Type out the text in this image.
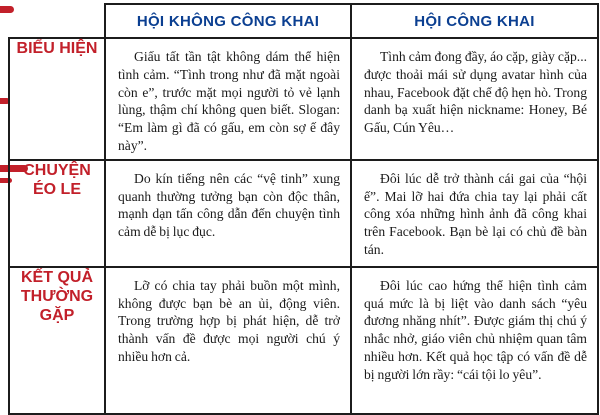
	HỘI KHÔNG CÔNG KHAI	HỘI CÔNG KHAI
BIỂU HIỆN	Giấu tất tần tật không dám thể hiện tình cảm. “Tình trong như đã mặt ngoài còn e”, trước mặt mọi người tỏ vẻ lạnh lùng, thậm chí không quen biết. Slogan: “Em làm gì đã có gấu, em còn sợ ế đây này”.	Tình cảm đong đầy, áo cặp, giày cặp... được thoải mái sử dụng avatar hình của nhau, Facebook đặt chế độ hẹn hò. Trong danh bạ xuất hiện nickname: Honey, Bé Gấu, Cún Yêu…
CHUYỆN ÉO LE	Do kín tiếng nên các “vệ tinh” xung quanh thường tưởng bạn còn độc thân, mạnh dạn tấn công dẫn đến chuyện tình cảm dễ bị lục đục.	Đôi lúc dễ trở thành cái gai của “hội ế”. Mai lỡ hai đứa chia tay lại phải cất công xóa những hình ảnh đã công khai trên Facebook. Bạn bè lại có chủ đề bàn tán.
KẾT QUẢ THƯỜNG GẶP	Lỡ có chia tay phải buồn một mình, không được bạn bè an ủi, động viên. Trong trường hợp bị phát hiện, dễ trở thành vấn đề được mọi người chú ý nhiều hơn cả.	Đôi lúc cao hứng thể hiện tình cảm quá mức là bị liệt vào danh sách “yêu đương nhăng nhít”. Được giám thị chú ý nhắc nhở, giáo viên chủ nhiệm quan tâm nhiều hơn. Kết quả học tập có vấn đề dễ bị người lớn rầy: “cái tội lo yêu”.
